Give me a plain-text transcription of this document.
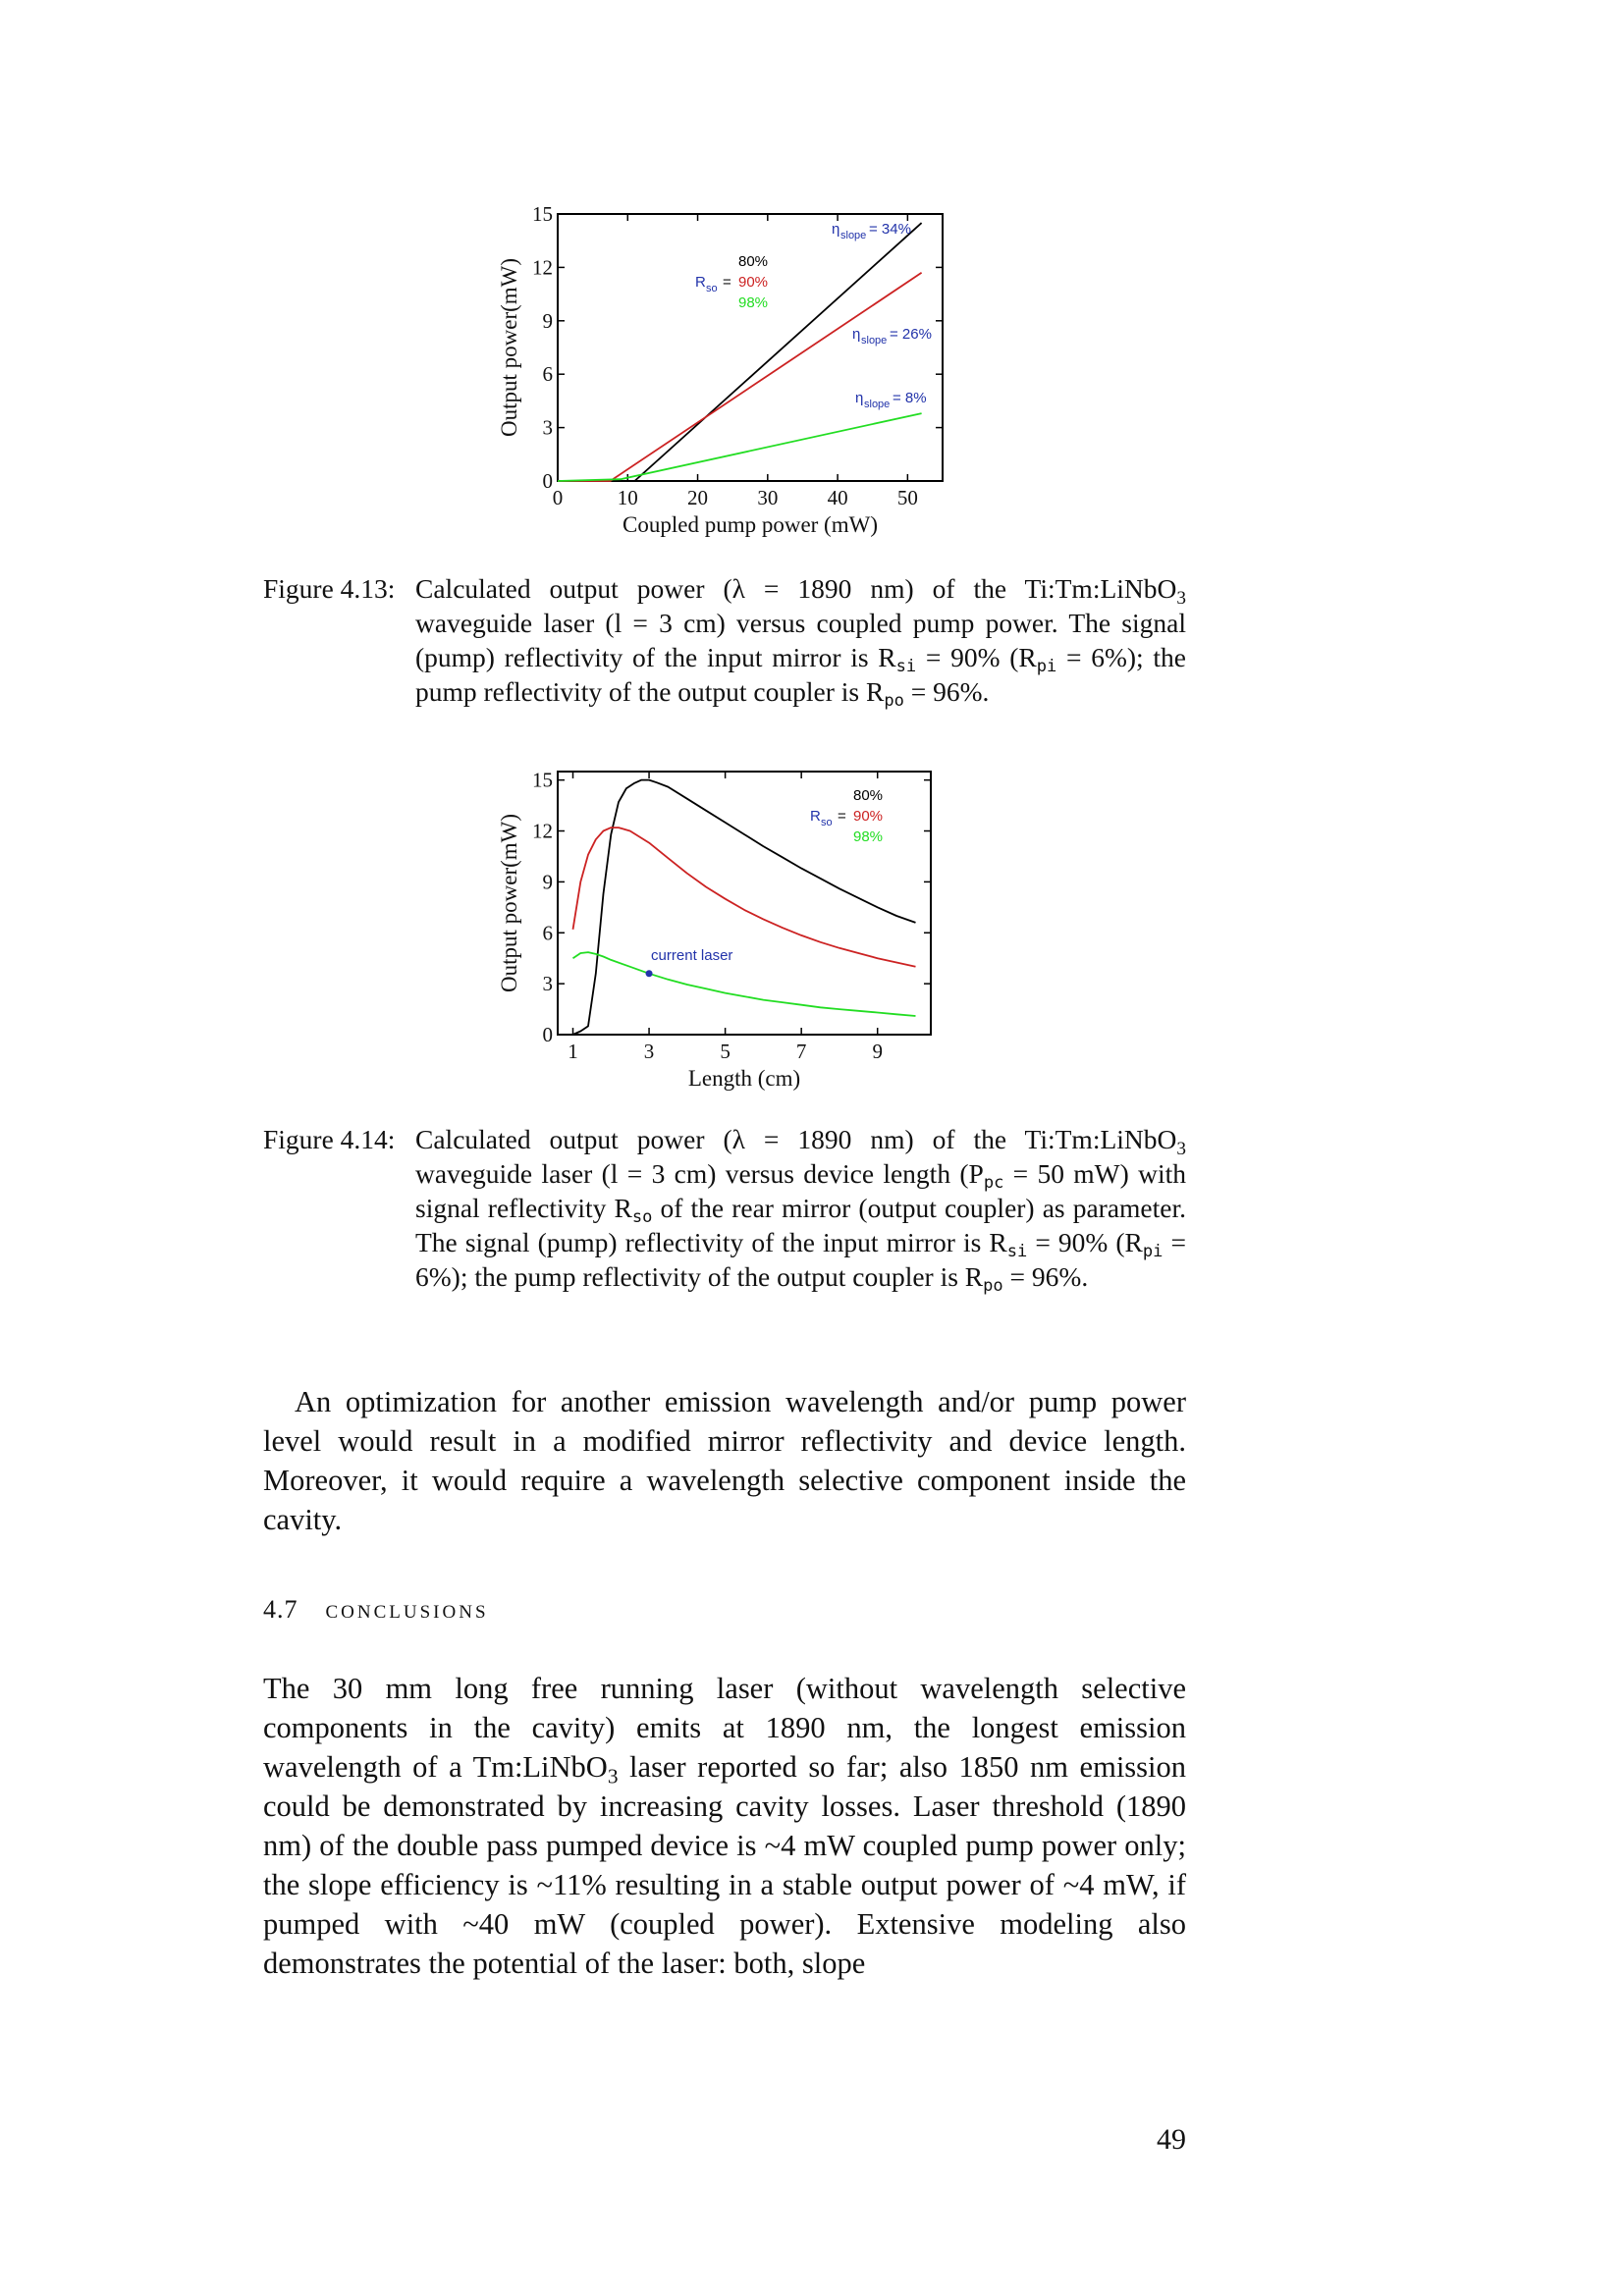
0	10 20 30 40 50
0
3
6
9
12
15
Coupled pump power (mW)
Output power(mW)	R so =
80%
90%
98%
η slope = 34%
η slope = 26%
η slope = 8%
Figure 4.13: Calculated output power (λ = 1890 nm) of the Ti:Tm:LiNbO$_3$ waveguide laser (l = 3 cm) versus coupled pump power. The signal (pump) reflectivity of the input mirror is Rsi = 90% (Rpi = 6%); the pump reflectivity of the output coupler is Rpo = 96%.
1	3	5	7	9
0
3
6
9
12
15
Length (cm)
Output power(mW)	R so =
80%
90%
98%
current laser
Figure 4.14: Calculated output power (λ = 1890 nm) of the Ti:Tm:LiNbO$_3$ waveguide laser (l = 3 cm) versus device length (Ppc = 50 mW) with signal reflectivity Rso of the rear mirror (output coupler) as parameter. The signal (pump) reflectivity of the input mirror is Rsi = 90% (Rpi = 6%); the pump reflectivity of the output coupler is Rpo = 96%.

An optimization for another emission wavelength and/or pump power level would result in a modified mirror reflectivity and device length. Moreover, it would require a wavelength selective component inside the cavity.

4.7 conclusions

The 30 mm long free running laser (without wavelength selective components in the cavity) emits at 1890 nm, the longest emission wavelength of a Tm:LiNbO$_3$ laser reported so far; also 1850 nm emission could be demonstrated by increasing cavity losses. Laser threshold (1890 nm) of the double pass pumped device is ~4 mW coupled pump power only; the slope efficiency is ~11% resulting in a stable output power of ~4 mW, if pumped with ~40 mW (coupled power). Extensive modeling also demonstrates the potential of the laser: both, slope

49
